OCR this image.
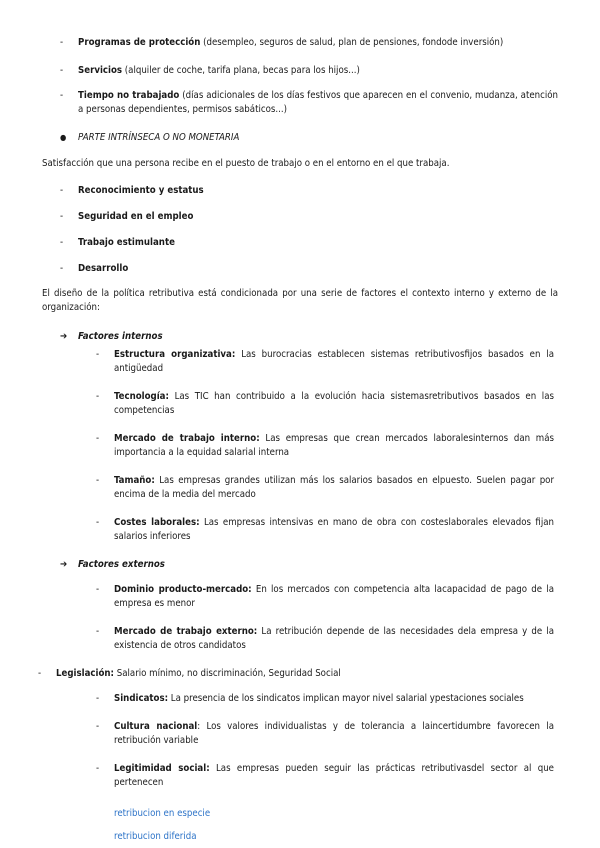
- Programas de protección (desempleo, seguros de salud, plan de pensiones, fondode inversión)
- Servicios (alquiler de coche, tarifa plana, becas para los hijos...)
- Tiempo no trabajado (días adicionales de los días festivos que aparecen en el convenio, mudanza, atención a personas dependientes, permisos sabáticos...)
● PARTE INTRÍNSECA O NO MONETARIA
Satisfacción que una persona recibe en el puesto de trabajo o en el entorno en el que trabaja.
- Reconocimiento y estatus
- Seguridad en el empleo
- Trabajo estimulante
- Desarrollo
El diseño de la política retributiva está condicionada por una serie de factores el contexto interno y externo de la organización:
➔ Factores internos
- Estructura organizativa: Las burocracias establecen sistemas retributivosfijos basados en la antigüedad
- Tecnología: Las TIC han contribuido a la evolución hacia sistemasretributivos basados en las competencias
- Mercado de trabajo interno: Las empresas que crean mercados laboralesinternos dan más importancia a la equidad salarial interna
- Tamaño: Las empresas grandes utilizan más los salarios basados en elpuesto. Suelen pagar por encima de la media del mercado
- Costes laborales: Las empresas intensivas en mano de obra con costeslaborales elevados fijan salarios inferiores
➔ Factores externos
- Dominio producto-mercado: En los mercados con competencia alta lacapacidad de pago de la empresa es menor
- Mercado de trabajo externo: La retribución depende de las necesidades dela empresa y de la existencia de otros candidatos
- Legislación: Salario mínimo, no discriminación, Seguridad Social
- Sindicatos: La presencia de los sindicatos implican mayor nivel salarial ypestaciones sociales
- Cultura nacional: Los valores individualistas y de tolerancia a laincertidumbre favorecen la retribución variable
- Legitimidad social: Las empresas pueden seguir las prácticas retributivasdel sector al que pertenecen
retribucion en especie
retribucion diferida
